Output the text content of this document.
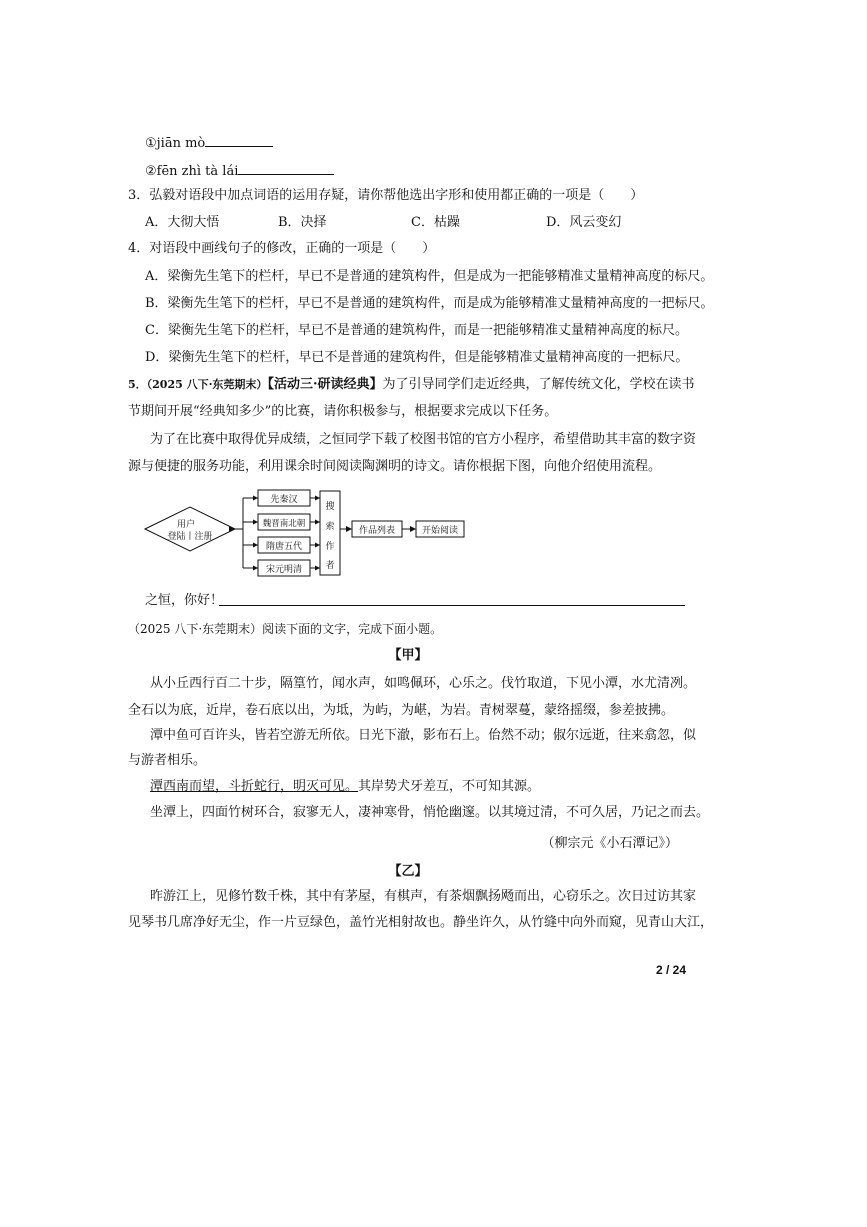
①jiān mò
②fēn zhì tà lái
3．弘毅对语段中加点词语的运用存疑，请你帮他选出字形和使用都正确的一项是（　　）
A．大彻大悟	B．决择	C．枯躁	D．风云变幻
4．对语段中画线句子的修改，正确的一项是（　　）
A．梁衡先生笔下的栏杆，早已不是普通的建筑构件，但是成为一把能够精准丈量精神高度的标尺。
B．梁衡先生笔下的栏杆，早已不是普通的建筑构件，而是成为能够精准丈量精神高度的一把标尺。
C．梁衡先生笔下的栏杆，早已不是普通的建筑构件，而是一把能够精准丈量精神高度的标尺。
D．梁衡先生笔下的栏杆，早已不是普通的建筑构件，但是能够精准丈量精神高度的一把标尺。
5．（2025 八下·东莞期末）【活动三·研读经典】为了引导同学们走近经典，了解传统文化，学校在读书
节期间开展“经典知多少”的比赛，请你积极参与，根据要求完成以下任务。
为了在比赛中取得优异成绩，之恒同学下载了校图书馆的官方小程序，希望借助其丰富的数字资
源与便捷的服务功能，利用课余时间阅读陶渊明的诗文。请你根据下图，向他介绍使用流程。
用户
登陆丨注册
先秦汉
魏晋南北朝
隋唐五代
宋元明清
搜
索
作
者
作品列表	开始阅读
之恒，你好！
（2025 八下·东莞期末）阅读下面的文字，完成下面小题。
【甲】
从小丘西行百二十步，隔篁竹，闻水声，如鸣佩环，心乐之。伐竹取道，下见小潭，水尤清冽。
全石以为底，近岸，卷石底以出，为坻，为屿，为嵁，为岩。青树翠蔓，蒙络摇缀，参差披拂。
潭中鱼可百许头，皆若空游无所依。日光下澈，影布石上。佁然不动；俶尔远逝，往来翕忽，似
与游者相乐。
潭西南而望，斗折蛇行，明灭可见。其岸势犬牙差互，不可知其源。
坐潭上，四面竹树环合，寂寥无人，凄神寒骨，悄怆幽邃。以其境过清，不可久居，乃记之而去。
（柳宗元《小石潭记》）
【乙】
昨游江上，见修竹数千株，其中有茅屋，有棋声，有茶烟飘扬飏而出，心窃乐之。次日过访其家
见琴书几席净好无尘，作一片豆绿色，盖竹光相射故也。静坐许久，从竹缝中向外而窥，见青山大江，
2 / 24
